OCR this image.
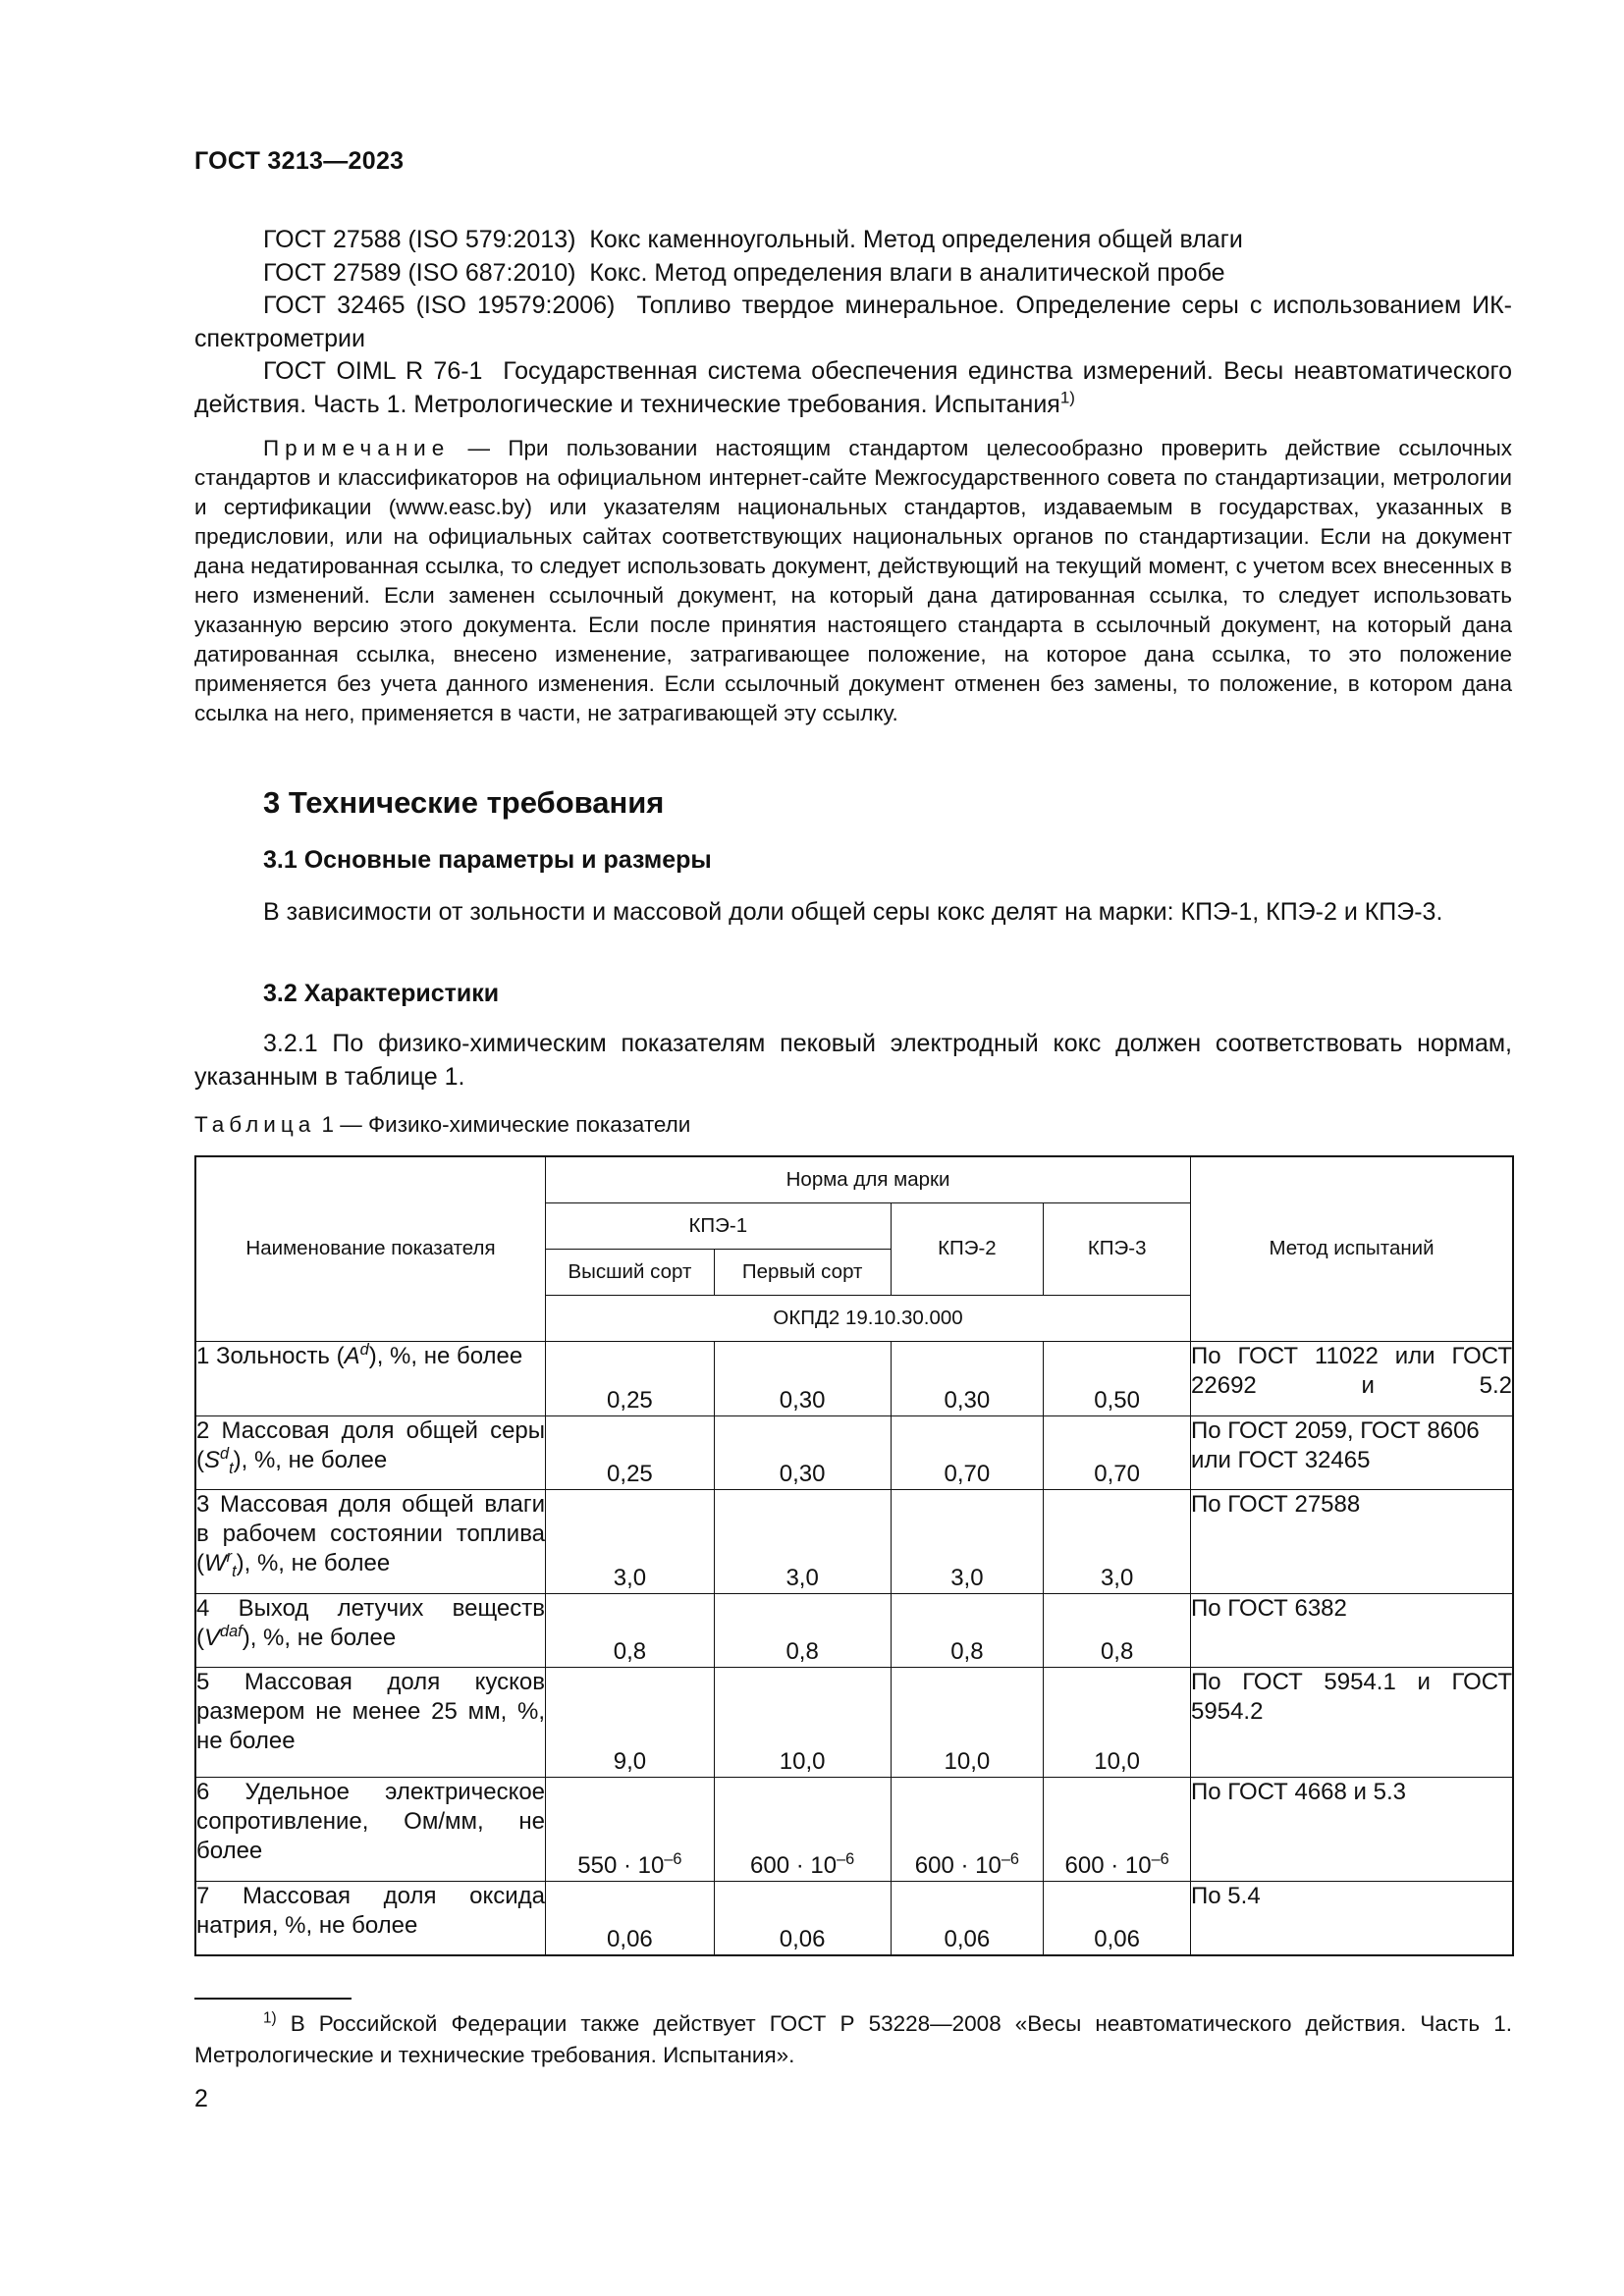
ГОСТ 3213—2023

ГОСТ 27588 (ISO 579:2013) Кокс каменноугольный. Метод определения общей влаги

ГОСТ 27589 (ISO 687:2010) Кокс. Метод определения влаги в аналитической пробе

ГОСТ 32465 (ISO 19579:2006) Топливо твердое минеральное. Определение серы с использованием ИК-спектрометрии

ГОСТ OIML R 76-1 Государственная система обеспечения единства измерений. Весы неавтоматического действия. Часть 1. Метрологические и технические требования. Испытания$^{1)}$

Примечание — При пользовании настоящим стандартом целесообразно проверить действие ссылочных стандартов и классификаторов на официальном интернет-сайте Межгосударственного совета по стандартизации, метрологии и сертификации (www.easc.by) или указателям национальных стандартов, издаваемым в государствах, указанных в предисловии, или на официальных сайтах соответствующих национальных органов по стандартизации. Если на документ дана недатированная ссылка, то следует использовать документ, действующий на текущий момент, с учетом всех внесенных в него изменений. Если заменен ссылочный документ, на который дана датированная ссылка, то следует использовать указанную версию этого документа. Если после принятия настоящего стандарта в ссылочный документ, на который дана датированная ссылка, внесено изменение, затрагивающее положение, на которое дана ссылка, то это положение применяется без учета данного изменения. Если ссылочный документ отменен без замены, то положение, в котором дана ссылка на него, применяется в части, не затрагивающей эту ссылку.

3 Технические требования
3.1 Основные параметры и размеры

В зависимости от зольности и массовой доли общей серы кокс делят на марки: КПЭ-1, КПЭ-2 и КПЭ-3.

3.2 Характеристики

3.2.1 По физико-химическим показателям пековый электродный кокс должен соответствовать нормам, указанным в таблице 1.

Таблица 1 — Физико-химические показатели

Наименование показателя	Норма для марки				Метод испытаний
	КПЭ-1		КПЭ-2	КПЭ-3	
	Высший сорт	Первый сорт			
	ОКПД2 19.10.30.000				
1 Зольность $(A^d)$, %, не более	0,25	0,30	0,30	0,50	По ГОСТ 11022 или ГОСТ 22692 и 5.2

2 Массовая доля общей серы $(S^d_t)$, %, не более	0,25	0,30	0,70	0,70	По ГОСТ 2059, ГОСТ 8606 или ГОСТ 32465
3 Массовая доля общей влаги в рабочем состоянии топлива $(W^r_t)$, %, не более	3,0	3,0	3,0	3,0	По ГОСТ 27588
4 Выход летучих веществ $(V^{daf})$, %, не более	0,8	0,8	0,8	0,8	По ГОСТ 6382
5 Массовая доля кусков размером не менее 25 мм, %, не более	9,0	10,0	10,0	10,0	По ГОСТ 5954.1 и ГОСТ 5954.2

6 Удельное электрическое сопротивление, Ом/мм, не более	$550 \cdot 10^{-6}$	$600 \cdot 10^{-6}$	$600 \cdot 10^{-6}$	$600 \cdot 10^{-6}$	По ГОСТ 4668 и 5.3
7 Массовая доля оксида натрия, %, не более	0,06	0,06	0,06	0,06	По 5.4

$^{1)}$ В Российской Федерации также действует ГОСТ Р 53228—2008 «Весы неавтоматического действия. Часть 1. Метрологические и технические требования. Испытания».

2
